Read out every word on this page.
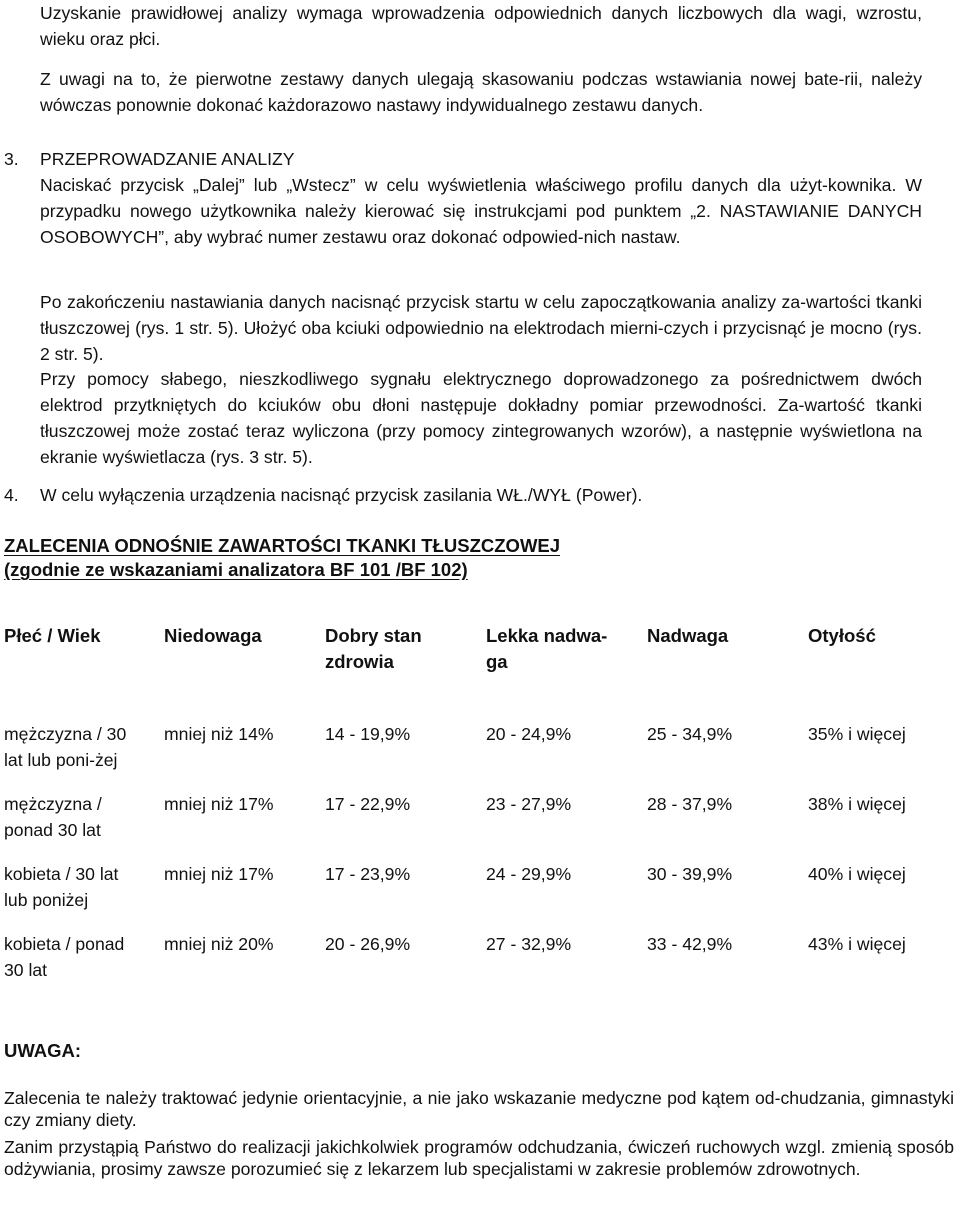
Uzyskanie prawidłowej analizy wymaga wprowadzenia odpowiednich danych liczbowych dla wagi, wzrostu, wieku oraz płci.

Z uwagi na to, że pierwotne zestawy danych ulegają skasowaniu podczas wstawiania nowej bate-rii, należy wówczas ponownie dokonać każdorazowo nastawy indywidualnego zestawu danych.

3. PRZEPROWADZANIE ANALIZY

Naciskać przycisk „Dalej” lub „Wstecz” w celu wyświetlenia właściwego profilu danych dla użyt-kownika. W przypadku nowego użytkownika należy kierować się instrukcjami pod punktem „2. NASTAWIANIE DANYCH OSOBOWYCH”, aby wybrać numer zestawu oraz dokonać odpowied-nich nastaw.

Po zakończeniu nastawiania danych nacisnąć przycisk startu w celu zapoczątkowania analizy za-wartości tkanki tłuszczowej (rys. 1 str. 5). Ułożyć oba kciuki odpowiednio na elektrodach mierni-czych i przycisnąć je mocno (rys. 2 str. 5).

Przy pomocy słabego, nieszkodliwego sygnału elektrycznego doprowadzonego za pośrednictwem dwóch elektrod przytkniętych do kciuków obu dłoni następuje dokładny pomiar przewodności. Za-wartość tkanki tłuszczowej może zostać teraz wyliczona (przy pomocy zintegrowanych wzorów), a następnie wyświetlona na ekranie wyświetlacza (rys. 3 str. 5).

4. W celu wyłączenia urządzenia nacisnąć przycisk zasilania WŁ./WYŁ (Power).
ZALECENIA ODNOŚNIE ZAWARTOŚCI TKANKI TŁUSZCZOWEJ
(zgodnie ze wskazaniami analizatora BF 101 /BF 102)
Płeć / Wiek	Niedowaga	Dobry stan zdrowia	Lekka nadwa-ga	Nadwaga	Otyłość
mężczyzna / 30 lat lub poni-żej	mniej niż 14%	14 - 19,9%	20 - 24,9%	25 - 34,9%	35% i więcej
mężczyzna / ponad 30 lat	mniej niż 17%	17 - 22,9%	23 - 27,9%	28 - 37,9%	38% i więcej
kobieta / 30 lat lub poniżej	mniej niż 17%	17 - 23,9%	24 - 29,9%	30 - 39,9%	40% i więcej
kobieta / ponad 30 lat	mniej niż 20%	20 - 26,9%	27 - 32,9%	33 - 42,9%	43% i więcej
UWAGA:

Zalecenia te należy traktować jedynie orientacyjnie, a nie jako wskazanie medyczne pod kątem od-chudzania, gimnastyki czy zmiany diety.

Zanim przystąpią Państwo do realizacji jakichkolwiek programów odchudzania, ćwiczeń ruchowych wzgl. zmienią sposób odżywiania, prosimy zawsze porozumieć się z lekarzem lub specjalistami w zakresie problemów zdrowotnych.
